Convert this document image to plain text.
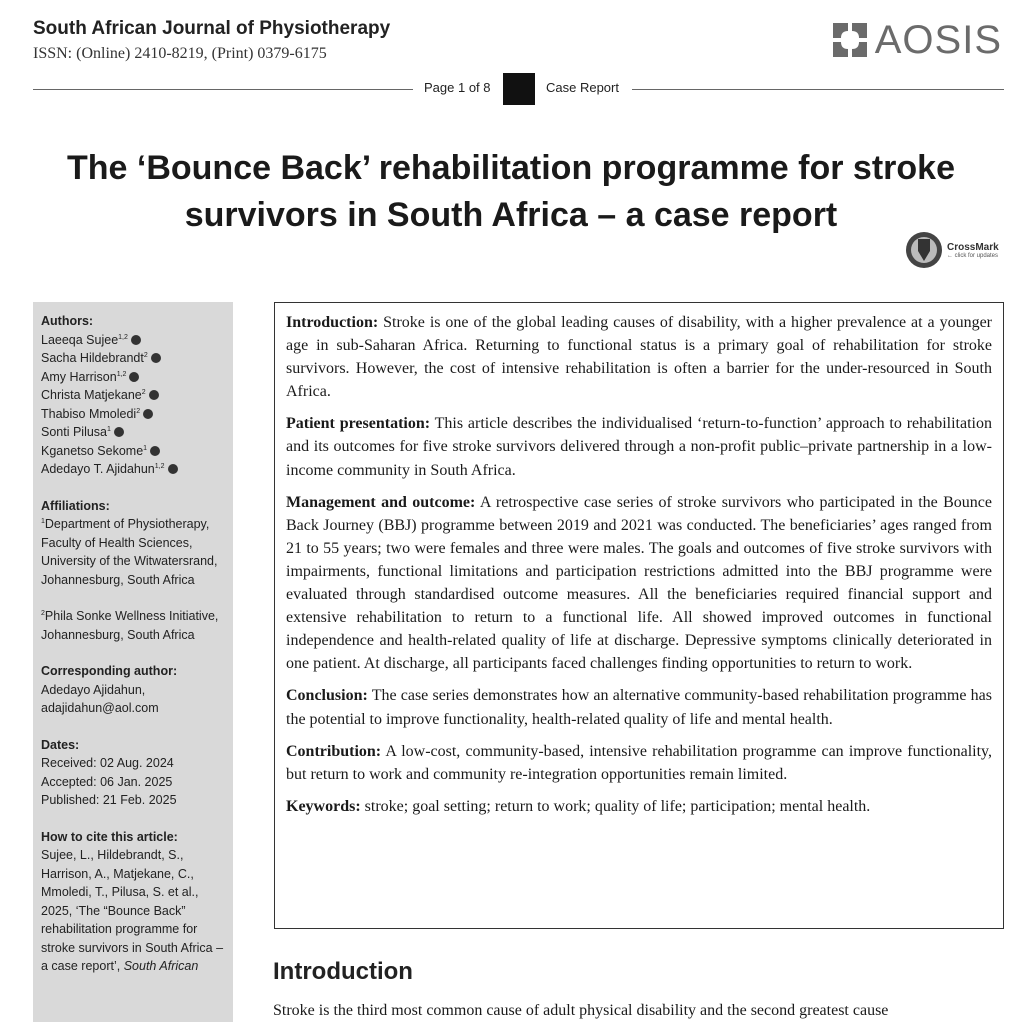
South African Journal of Physiotherapy
ISSN: (Online) 2410-8219, (Print) 0379-6175	AOSIS
Page 1 of 8	Case Report
The ‘Bounce Back’ rehabilitation programme for stroke
survivors in South Africa – a case report
CrossMark
← click for updates
Authors:
Laeeqa Sujee$^{1,2}$
Sacha Hildebrandt$^2$
Amy Harrison$^{1,2}$
Christa Matjekane$^2$
Thabiso Mmoledi$^2$
Sonti Pilusa$^1$
Kganetso Sekome$^1$
Adedayo T. Ajidahun$^{1,2}$
Affiliations:
$^1$Department of Physiotherapy, Faculty of Health Sciences, University of the Witwatersrand, Johannesburg, South Africa
$^2$Phila Sonke Wellness Initiative, Johannesburg, South Africa
Corresponding author:
Adedayo Ajidahun,
adajidahun@aol.com
Dates:
Received: 02 Aug. 2024
Accepted: 06 Jan. 2025
Published: 21 Feb. 2025
How to cite this article:
Sujee, L., Hildebrandt, S., Harrison, A., Matjekane, C., Mmoledi, T., Pilusa, S. et al., 2025, ‘The “Bounce Back” rehabilitation programme for stroke survivors in South Africa – a case report’, South African

Introduction: Stroke is one of the global leading causes of disability, with a higher prevalence at a younger age in sub-Saharan Africa. Returning to functional status is a primary goal of rehabilitation for stroke survivors. However, the cost of intensive rehabilitation is often a barrier for the under-resourced in South Africa.

Patient presentation: This article describes the individualised ‘return-to-function’ approach to rehabilitation and its outcomes for five stroke survivors delivered through a non-profit public–private partnership in a low-income community in South Africa.

Management and outcome: A retrospective case series of stroke survivors who participated in the Bounce Back Journey (BBJ) programme between 2019 and 2021 was conducted. The beneficiaries’ ages ranged from 21 to 55 years; two were females and three were males. The goals and outcomes of five stroke survivors with impairments, functional limitations and participation restrictions admitted into the BBJ programme were evaluated through standardised outcome measures. All the beneficiaries required financial support and extensive rehabilitation to return to a functional life. All showed improved outcomes in functional independence and health-related quality of life at discharge. Depressive symptoms clinically deteriorated in one patient. At discharge, all participants faced challenges finding opportunities to return to work.

Conclusion: The case series demonstrates how an alternative community-based rehabilitation programme has the potential to improve functionality, health-related quality of life and mental health.

Contribution: A low-cost, community-based, intensive rehabilitation programme can improve functionality, but return to work and community re-integration opportunities remain limited.

Keywords: stroke; goal setting; return to work; quality of life; participation; mental health.

Introduction
Stroke is the third most common cause of adult physical disability and the second greatest cause
